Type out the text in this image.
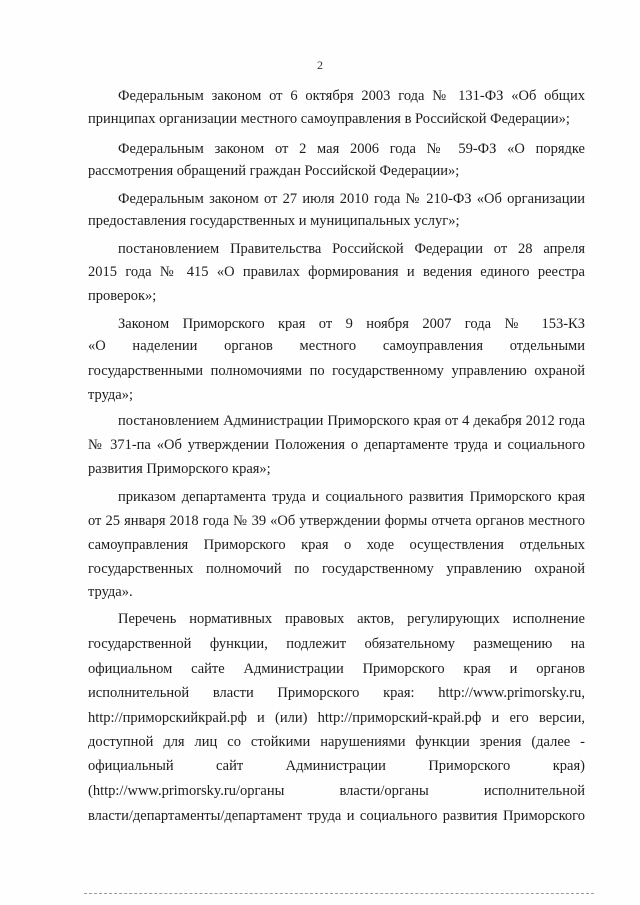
2
Федеральным законом от 6 октября 2003 года № 131-ФЗ «Об общих
принципах организации местного самоуправления в Российской Федерации»;
Федеральным законом от 2 мая 2006 года № 59-ФЗ «О порядке
рассмотрения обращений граждан Российской Федерации»;
Федеральным законом от 27 июля 2010 года № 210-ФЗ «Об организации
предоставления государственных и муниципальных услуг»;
постановлением Правительства Российской Федерации от 28 апреля
2015 года № 415 «О правилах формирования и ведения единого реестра
проверок»;
Законом Приморского края от 9 ноября 2007 года № 153-КЗ
«О наделении органов местного самоуправления отдельными
государственными полномочиями по государственному управлению охраной
труда»;
постановлением Администрации Приморского края от 4 декабря 2012 года
№ 371-па «Об утверждении Положения о департаменте труда и социального
развития Приморского края»;
приказом департамента труда и социального развития Приморского края
от 25 января 2018 года № 39 «Об утверждении формы отчета органов местного
самоуправления Приморского края о ходе осуществления отдельных
государственных полномочий по государственному управлению охраной
труда».
Перечень нормативных правовых актов, регулирующих исполнение
государственной функции, подлежит обязательному размещению на
официальном сайте Администрации Приморского края и органов
исполнительной власти Приморского края: http://www.primorsky.ru,
http://приморскийкрай.рф и (или) http://приморский-край.рф и его версии,
доступной для лиц со стойкими нарушениями функции зрения (далее -
официальный сайт Администрации Приморского края)
(http://www.primorsky.ru/органы власти/органы исполнительной
власти/департаменты/департамент труда и социального развития Приморского
